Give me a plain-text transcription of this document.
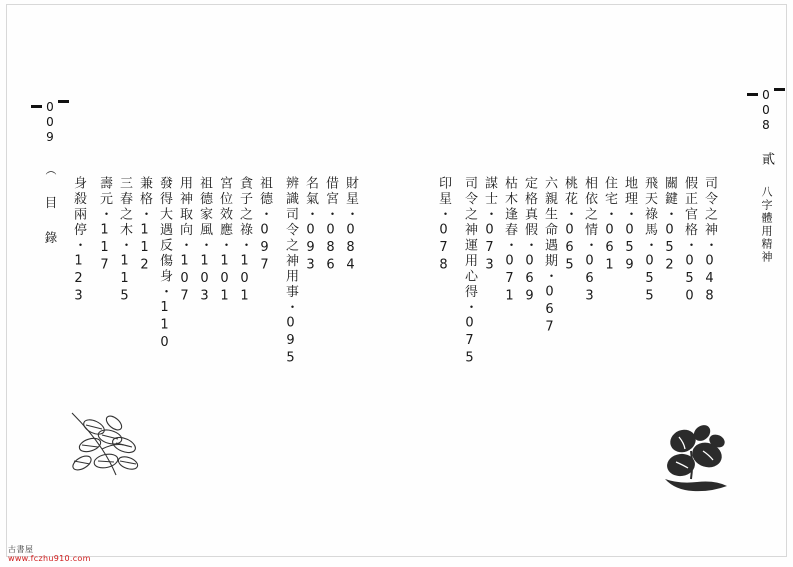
008 貳 八字體用精神
司令之神・048
假正官格・050
關鍵・052
飛天祿馬・055
地理・059
住宅・061
相依之情・063
桃花・065
六親生命遇期・067
定格真假・069
枯木逢春・071
謀士・073
司令之神運用心得・075
印星・078
009 ︵ 目　錄	財星・084
借宮・086
名氣・093
辨識司令之神用事・095
祖德・097
貪子之祿・101
宮位效應・101
祖德家風・103
用神取向・107
發得大遇反傷身・110
兼格・112
三春之木・115
壽元・117
身殺兩停・123
古書屋
www.fczhu910.com
